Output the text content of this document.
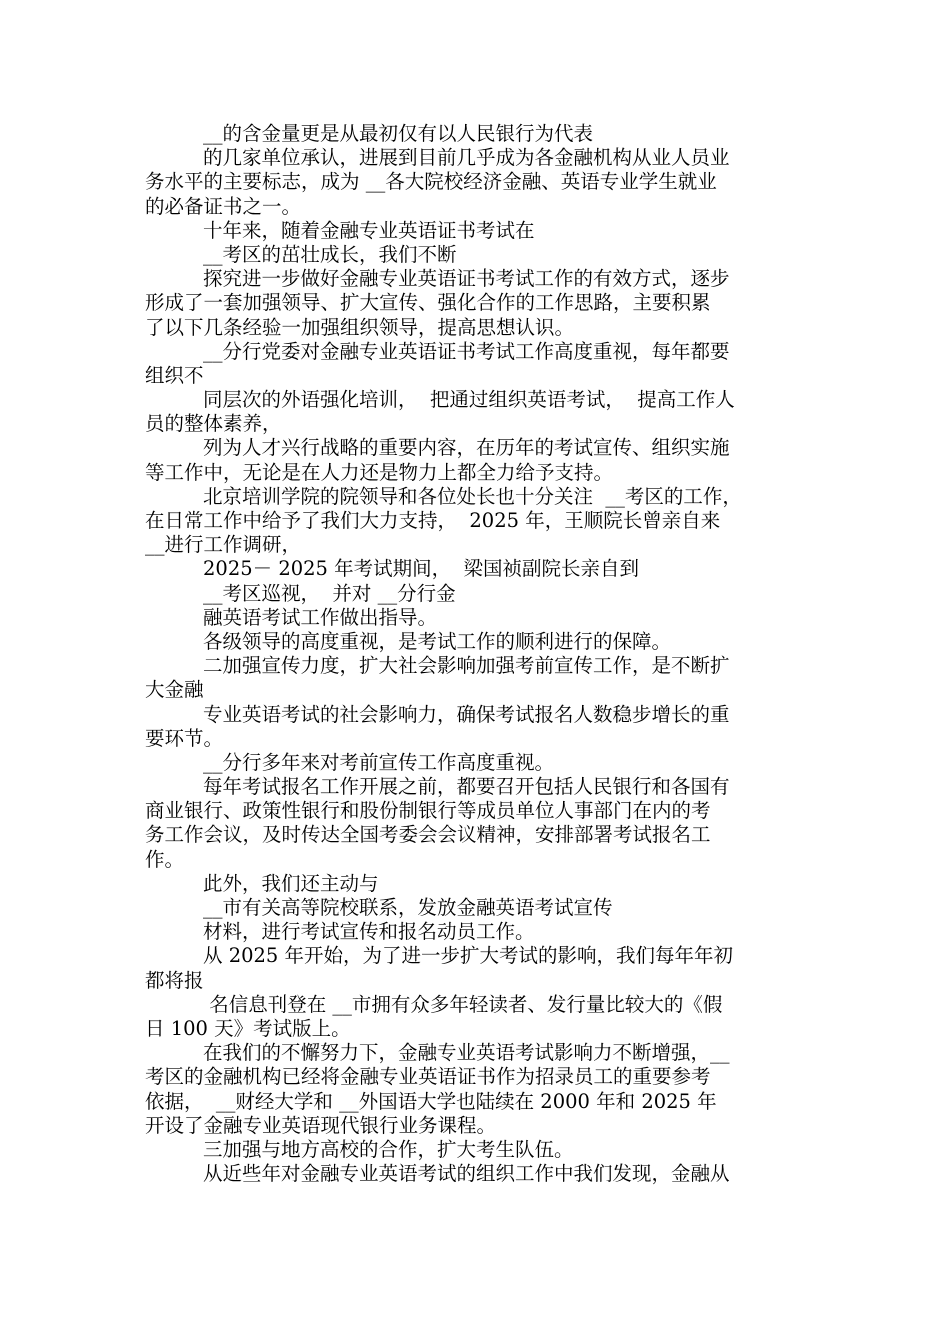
__的含金量更是从最初仅有以人民银行为代表
的几家单位承认，进展到目前几乎成为各金融机构从业人员业
务水平的主要标志，成为 __各大院校经济金融、英语专业学生就业
的必备证书之一。
十年来，随着金融专业英语证书考试在
__考区的茁壮成长，我们不断
探究进一步做好金融专业英语证书考试工作的有效方式，逐步
形成了一套加强领导、扩大宣传、强化合作的工作思路，主要积累
了以下几条经验一加强组织领导，提高思想认识。
__分行党委对金融专业英语证书考试工作高度重视，每年都要
组织不
同层次的外语强化培训，  把通过组织英语考试，  提高工作人
员的整体素养，
列为人才兴行战略的重要内容，在历年的考试宣传、组织实施
等工作中，无论是在人力还是物力上都全力给予支持。
北京培训学院的院领导和各位处长也十分关注  __考区的工作，
在日常工作中给予了我们大力支持，  2025 年，王顺院长曾亲自来
__进行工作调研，
2025－ 2025 年考试期间，  梁国祯副院长亲自到
__考区巡视，  并对 __分行金
融英语考试工作做出指导。
各级领导的高度重视，是考试工作的顺利进行的保障。
二加强宣传力度，扩大社会影响加强考前宣传工作，是不断扩
大金融
专业英语考试的社会影响力，确保考试报名人数稳步增长的重
要环节。
__分行多年来对考前宣传工作高度重视。
每年考试报名工作开展之前，都要召开包括人民银行和各国有
商业银行、政策性银行和股份制银行等成员单位人事部门在内的考
务工作会议，及时传达全国考委会会议精神，安排部署考试报名工
作。
此外，我们还主动与
__市有关高等院校联系，发放金融英语考试宣传
材料，进行考试宣传和报名动员工作。
从 2025 年开始，为了进一步扩大考试的影响，我们每年年初
都将报
名信息刊登在 __市拥有众多年轻读者、发行量比较大的《假
日 100 天》考试版上。
在我们的不懈努力下，金融专业英语考试影响力不断增强，__
考区的金融机构已经将金融专业英语证书作为招录员工的重要参考
依据，  __财经大学和 __外国语大学也陆续在 2000 年和 2025 年
开设了金融专业英语现代银行业务课程。
三加强与地方高校的合作，扩大考生队伍。
从近些年对金融专业英语考试的组织工作中我们发现，金融从
